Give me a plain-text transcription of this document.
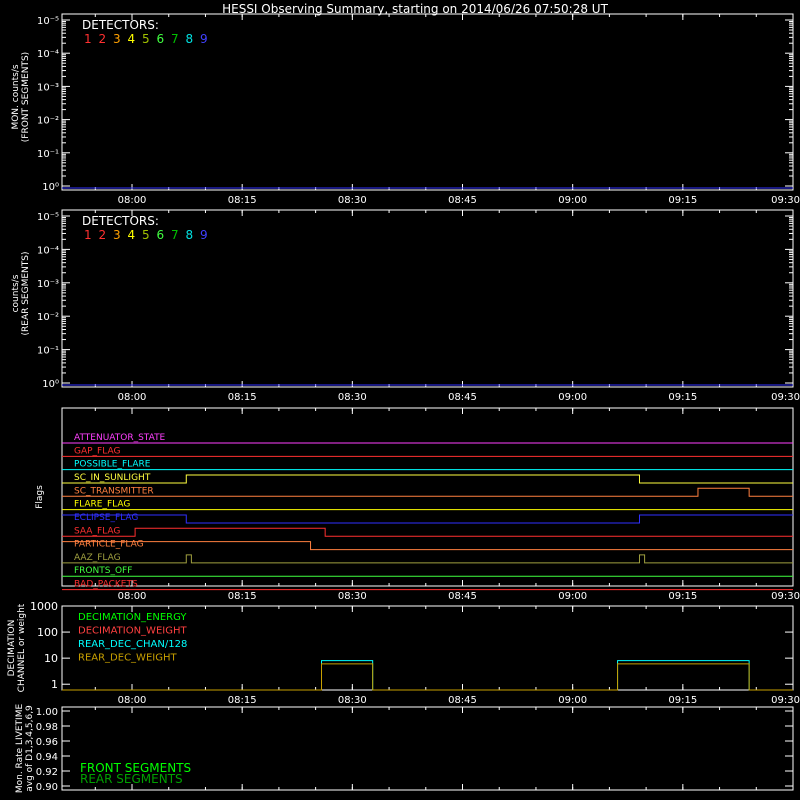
HESSI Observing Summary, starting on 2014/06/26 07:50:28 UT
08:00	08:15	08:30	08:45	09:00	09:15	09:30
10⁰
10⁻¹
10⁻²
10⁻³
10⁻⁴
10⁻⁵
MON. counts/s(FRONT SEGMENTS)
DETECTORS:
1 2 3 4 5 6 7 8 9
08:00	08:15	08:30	08:45	09:00	09:15	09:30
10⁰
10⁻¹
10⁻²
10⁻³
10⁻⁴
10⁻⁵
counts/s(REAR SEGMENTS)
DETECTORS:
1 2 3 4 5 6 7 8 9
08:00	08:15	08:30	08:45	09:00	09:15	09:30
Flags
ATTENUATOR_STATE
GAP_FLAG
POSSIBLE_FLARE
SC_IN_SUNLIGHT
SC_TRANSMITTER
FLARE_FLAG
ECLIPSE_FLAG
SAA_FLAG
PARTICLE_FLAG
AAZ_FLAG
FRONTS_OFF
BAD_PACKETS
08:00	08:15	08:30	08:45	09:00	09:15	09:30
1
10
100
1000
DECIMATIONCHANNEL or weight	DECIMATION_ENERGY
DECIMATION_WEIGHT
REAR_DEC_CHAN/128
REAR_DEC_WEIGHT
0.90
0.92
0.94
0.96
0.98
1.00
Mon. Rate LIVETIMEavg of D1,3,4,5,6,9	FRONT SEGMENTS
REAR SEGMENTS
